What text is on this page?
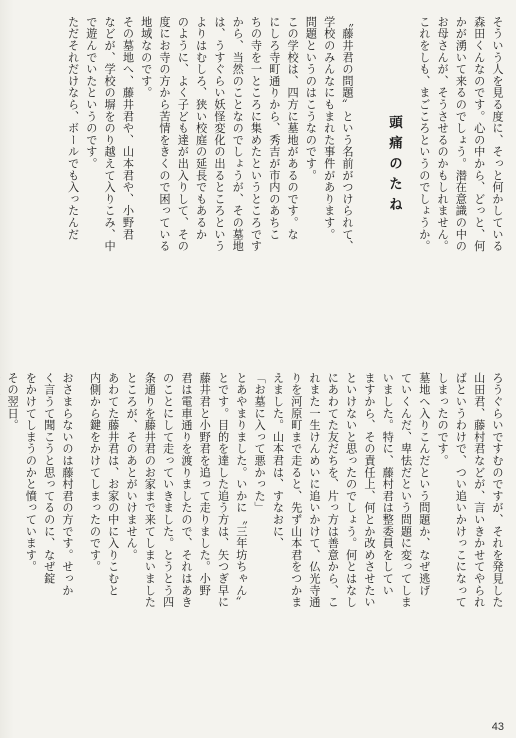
そういう人を見る度に、そっと何かしている
森田くんなのです。心の中から、どっと、何
かが湧いて来るのでしょう。潜在意識の中の
お母さんが、そうさせるのかもしれません。
これをしも、まごころというのでしょうか。
頭痛のたね
〝藤井君の問題〟という名前がつけられて、
学校のみんなにもまれた事件があります。
問題というのはこうなのです。
この学校は、四方に墓地があるのです。な
にしろ寺町通りから、秀吉が市内のあちこ
ちの寺を一ところに集めたというところです
から、当然のことなのでしょうが、その墓地
は、うすぐらい妖怪変化の出るところという
よりはむしろ、狭い校庭の延長でもあるか
のように、よく子ども達が出入りして、その
度にお寺の方から苦情をきくので困っている
地域なのです。
その墓地へ、藤井君や、山本君や、小野君
などが、学校の塀をのり越えて入りこみ、中
で遊んでいたというのです。
ただそれだけなら、ボールでも入ったんだ
ろうぐらいですむのですが、それを発見した
山田君、藤村君などが、言いきかせてやられ
ばというわけで、つい追いかけっこになって
しまったのです。
墓地へ入りこんだという問題か、なぜ逃げ
ていくんだ、卑怯だという問題に変ってしま
いました。特に、藤村君は整委員をしてい
ますから、その責任上、何とか改めさせたい
といけないと思ったのでしょう。何とはなし
にあわてた友だちを、片っ方は善意から、こ
れまた一生けんめいに追いかけて、仏光寺通
りを河原町まで走ると、先ず山本君をつかま
えました。山本君は、すなおに、
「お墓に入って悪かった」
とあやまりました。いかに〝三年坊ちゃん〟
とです。目的を達した追う方は、矢つぎ早に
藤井君と小野君を追って走りました。小野
君は電車通りを渡りましたので、それはあき
のことにして走っていきました。とうとう四
条通りを藤井君のお家まで来てしまいました
ところが、そのあとがいけません。
あわてた藤井君は、お家の中に入りこむと
内側から鍵をかけてしまったのです。
おさまらないのは藤村君の方です。せっか
く言うて聞こうと思ってるのに、なぜ錠
をかけてしまうのかと憤っています。
その翌日。
43
